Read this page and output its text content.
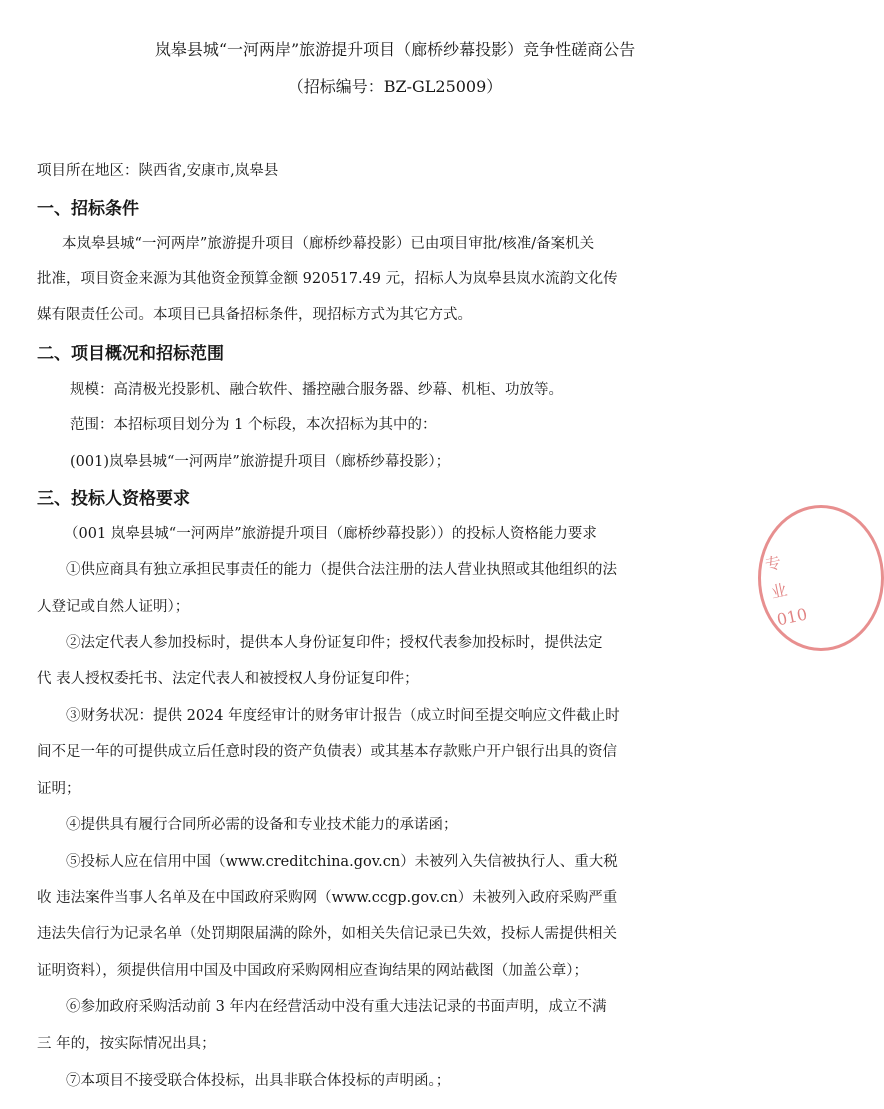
岚皋县城“一河两岸”旅游提升项目（廊桥纱幕投影）竞争性磋商公告

（招标编号：BZ-GL25009）

项目所在地区：陕西省,安康市,岚皋县

一、招标条件

本岚皋县城“一河两岸”旅游提升项目（廊桥纱幕投影）已由项目审批/核准/备案机关

批准，项目资金来源为其他资金预算金额 920517.49 元，招标人为岚皋县岚水流韵文化传

媒有限责任公司。本项目已具备招标条件，现招标方式为其它方式。

二、项目概况和招标范围

规模：高清极光投影机、融合软件、播控融合服务器、纱幕、机柜、功放等。

范围：本招标项目划分为 1 个标段，本次招标为其中的：

(001)岚皋县城“一河两岸”旅游提升项目（廊桥纱幕投影）；

三、投标人资格要求

（001 岚皋县城“一河两岸”旅游提升项目（廊桥纱幕投影））的投标人资格能力要求

①供应商具有独立承担民事责任的能力（提供合法注册的法人营业执照或其他组织的法

人登记或自然人证明）；

②法定代表人参加投标时，提供本人身份证复印件；授权代表参加投标时，提供法定

代 表人授权委托书、法定代表人和被授权人身份证复印件；

③财务状况：提供 2024 年度经审计的财务审计报告（成立时间至提交响应文件截止时

间不足一年的可提供成立后任意时段的资产负债表）或其基本存款账户开户银行出具的资信

证明；

④提供具有履行合同所必需的设备和专业技术能力的承诺函；

⑤投标人应在信用中国（www.creditchina.gov.cn）未被列入失信被执行人、重大税

收 违法案件当事人名单及在中国政府采购网（www.ccgp.gov.cn）未被列入政府采购严重

违法失信行为记录名单（处罚期限届满的除外，如相关失信记录已失效，投标人需提供相关

证明资料），须提供信用中国及中国政府采购网相应查询结果的网站截图（加盖公章）；

⑥参加政府采购活动前 3 年内在经营活动中没有重大违法记录的书面声明，成立不满

三 年的，按实际情况出具；

⑦本项目不接受联合体投标，出具非联合体投标的声明函。；

专
业
010
